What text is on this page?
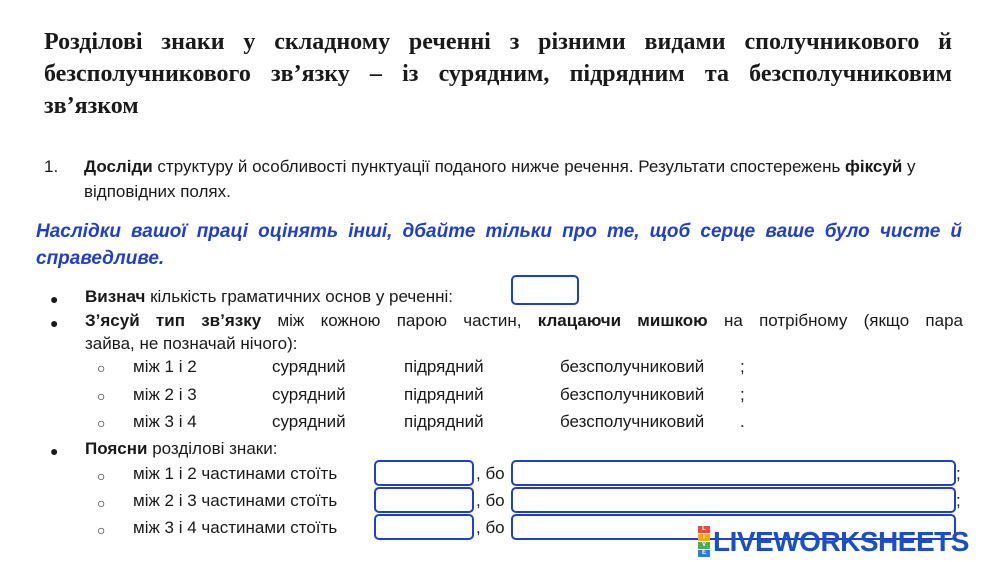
Розділові знаки у складному реченні з різними видами сполучникового й безсполучникового звʼязку – із сурядним, підрядним та безсполучниковим звʼязком
1. Досліди структуру й особливості пунктуації поданого нижче речення. Результати спостережень фіксуй у відповідних полях.

Наслідки вашої праці оцінять інші, дбайте тільки про те, щоб серце ваше було чисте й справедливе.

● Визнач кількість граматичних основ у реченні:
● Зʼясуй тип звʼязку між кожною парою частин, клацаючи мишкою на потрібному (якщо пара
зайва, не позначай нічого):
○ між 1 і 2	сурядний	підрядний	безсполучниковий ;
○ між 2 і 3	сурядний	підрядний	безсполучниковий ;
○ між 3 і 4	сурядний	підрядний	безсполучниковий .
● Поясни розділові знаки:
○ між 1 і 2 частинами стоїть	, бо	;
○ між 2 і 3 частинами стоїть	, бо	;
○ між 3 і 4 частинами стоїть	, бо	L
I
V
E LIVEWORKSHEETS
